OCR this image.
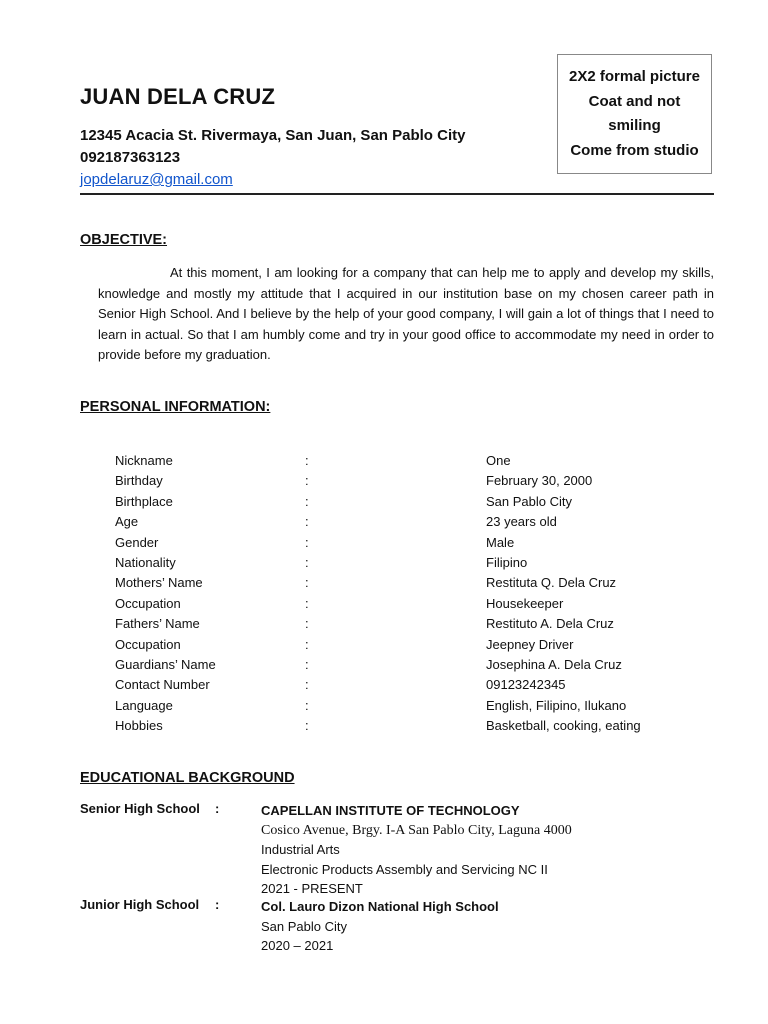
JUAN DELA CRUZ
12345 Acacia St. Rivermaya, San Juan, San Pablo City
092187363123
jopdelaruz@gmail.com
2X2 formal picture
Coat and not
smiling
Come from studio
OBJECTIVE:

At this moment, I am looking for a company that can help me to apply and develop my skills, knowledge and mostly my attitude that I acquired in our institution base on my chosen career path in Senior High School. And I believe by the help of your good company, I will gain a lot of things that I need to learn in actual. So that I am humbly come and try in your good office to accommodate my need in order to provide before my graduation.

PERSONAL INFORMATION:
Nickname	:	One
Birthday	:	February 30, 2000
Birthplace	:	San Pablo City
Age	:	23 years old
Gender	:	Male
Nationality	:	Filipino
Mothers’ Name	:	Restituta Q. Dela Cruz
Occupation	:	Housekeeper
Fathers’ Name	:	Restituto A. Dela Cruz
Occupation	:	Jeepney Driver
Guardians’ Name	:	Josephina A. Dela Cruz
Contact Number	:	09123242345
Language	:	English, Filipino, Ilukano
Hobbies	:	Basketball, cooking, eating
EDUCATIONAL BACKGROUND
Senior High School :	CAPELLAN INSTITUTE OF TECHNOLOGY
Cosico Avenue, Brgy. I-A San Pablo City, Laguna 4000
Industrial Arts
Electronic Products Assembly and Servicing NC II
2021 - PRESENT
Junior High School :	Col. Lauro Dizon National High School
San Pablo City
2020 – 2021
